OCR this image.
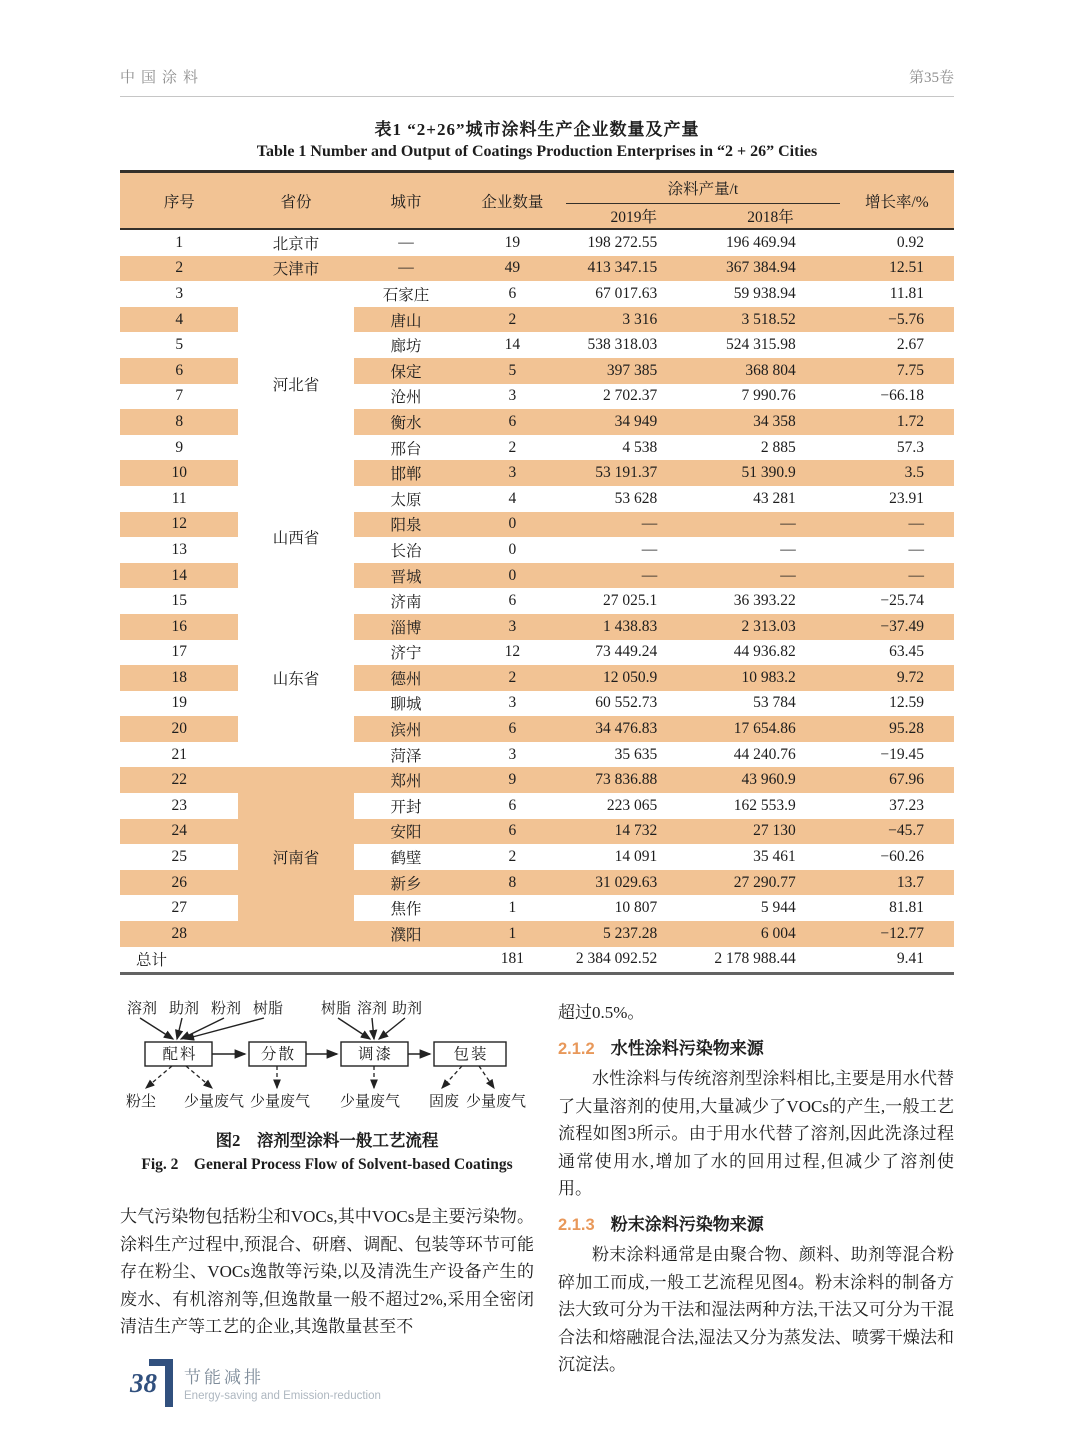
中国涂料	第35卷
表1 “2+26”城市涂料生产企业数量及产量
Table 1 Number and Output of Coatings Production Enterprises in “2 + 26” Cities
序号	省份	城市	企业数量	涂料产量/t		增长率/%
				2019年	2018年	
1	北京市	—	19	198 272.55	196 469.94	0.92
2	天津市	—	49	413 347.15	367 384.94	12.51
3	河北省	石家庄	6	67 017.63	59 938.94	11.81
4		唐山	2	3 316	3 518.52	−5.76
5		廊坊	14	538 318.03	524 315.98	2.67
6		保定	5	397 385	368 804	7.75
7		沧州	3	2 702.37	7 990.76	−66.18
8		衡水	6	34 949	34 358	1.72
9		邢台	2	4 538	2 885	57.3
10		邯郸	3	53 191.37	51 390.9	3.5
11	山西省	太原	4	53 628	43 281	23.91
12		阳泉	0	—	—	—
13		长治	0	—	—	—
14		晋城	0	—	—	—
15	山东省	济南	6	27 025.1	36 393.22	−25.74
16		淄博	3	1 438.83	2 313.03	−37.49
17		济宁	12	73 449.24	44 936.82	63.45
18		德州	2	12 050.9	10 983.2	9.72
19		聊城	3	60 552.73	53 784	12.59
20		滨州	6	34 476.83	17 654.86	95.28
21		菏泽	3	35 635	44 240.76	−19.45
22	河南省	郑州	9	73 836.88	43 960.9	67.96
23		开封	6	223 065	162 553.9	37.23
24		安阳	6	14 732	27 130	−45.7
25		鹤壁	2	14 091	35 461	−60.26
26		新乡	8	31 029.63	27 290.77	13.7
27		焦作	1	10 807	5 944	81.81
28		濮阳	1	5 237.28	6 004	−12.77
总计			181	2 384 092.52	2 178 988.44	9.41
溶剂 助剂 粉剂 树脂	树脂 溶剂 助剂
配料	分散	调漆	包装
粉尘 少量废气 少量废气 少量废气 固废 少量废气
图2　溶剂型涂料一般工艺流程
Fig. 2　General Process Flow of Solvent-based Coatings

大气污染物包括粉尘和VOCs,其中VOCs是主要污染物。涂料生产过程中,预混合、研磨、调配、包装等环节可能存在粉尘、VOCs逸散等污染,以及清洗生产设备产生的废水、有机溶剂等,但逸散量一般不超过2%,采用全密闭清洁生产等工艺的企业,其逸散量甚至不

超过0.5%。

2.1.2 水性涂料污染物来源

水性涂料与传统溶剂型涂料相比,主要是用水代替了大量溶剂的使用,大量减少了VOCs的产生,一般工艺流程如图3所示。由于用水代替了溶剂,因此洗涤过程通常使用水,增加了水的回用过程,但减少了溶剂使用。

2.1.3 粉末涂料污染物来源

粉末涂料通常是由聚合物、颜料、助剂等混合粉碎加工而成,一般工艺流程见图4。粉末涂料的制备方法大致可分为干法和湿法两种方法,干法又可分为干混合法和熔融混合法,湿法又分为蒸发法、喷雾干燥法和沉淀法。

38	节能减排
Energy-saving and Emission-reduction
